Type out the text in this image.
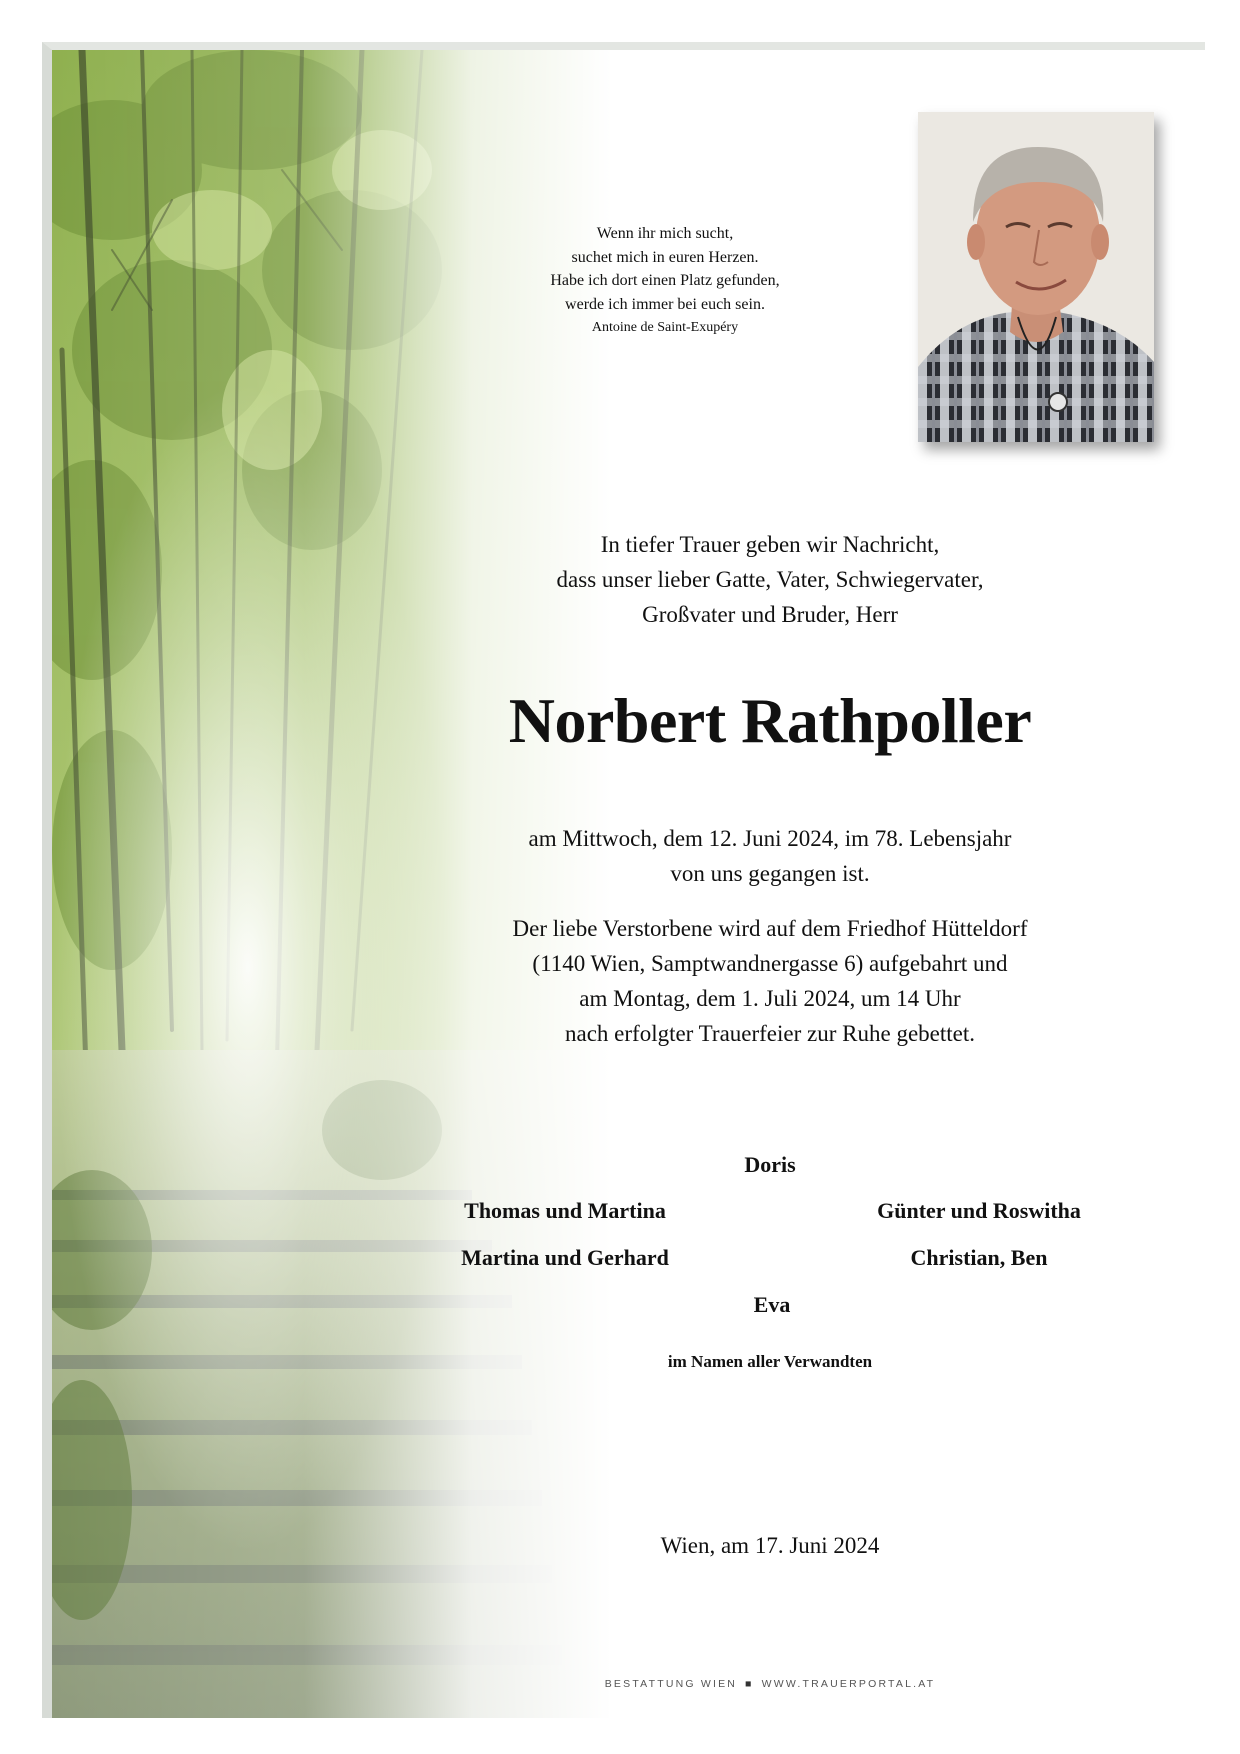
Wenn ihr mich sucht,
suchet mich in euren Herzen.
Habe ich dort einen Platz gefunden,
werde ich immer bei euch sein.
Antoine de Saint-Exupéry
In tiefer Trauer geben wir Nachricht,
dass unser lieber Gatte, Vater, Schwiegervater,
Großvater und Bruder, Herr
Norbert Rathpoller
am Mittwoch, dem 12. Juni 2024, im 78. Lebensjahr
von uns gegangen ist.
Der liebe Verstorbene wird auf dem Friedhof Hütteldorf
(1140 Wien, Samptwandnergasse 6) aufgebahrt und
am Montag, dem 1. Juli 2024, um 14 Uhr
nach erfolgter Trauerfeier zur Ruhe gebettet.
Doris
Thomas und Martina	Günter und Roswitha
Martina und Gerhard	Christian, Ben
Eva
im Namen aller Verwandten
Wien, am 17. Juni 2024
BESTATTUNG WIEN ■ WWW.TRAUERPORTAL.AT
